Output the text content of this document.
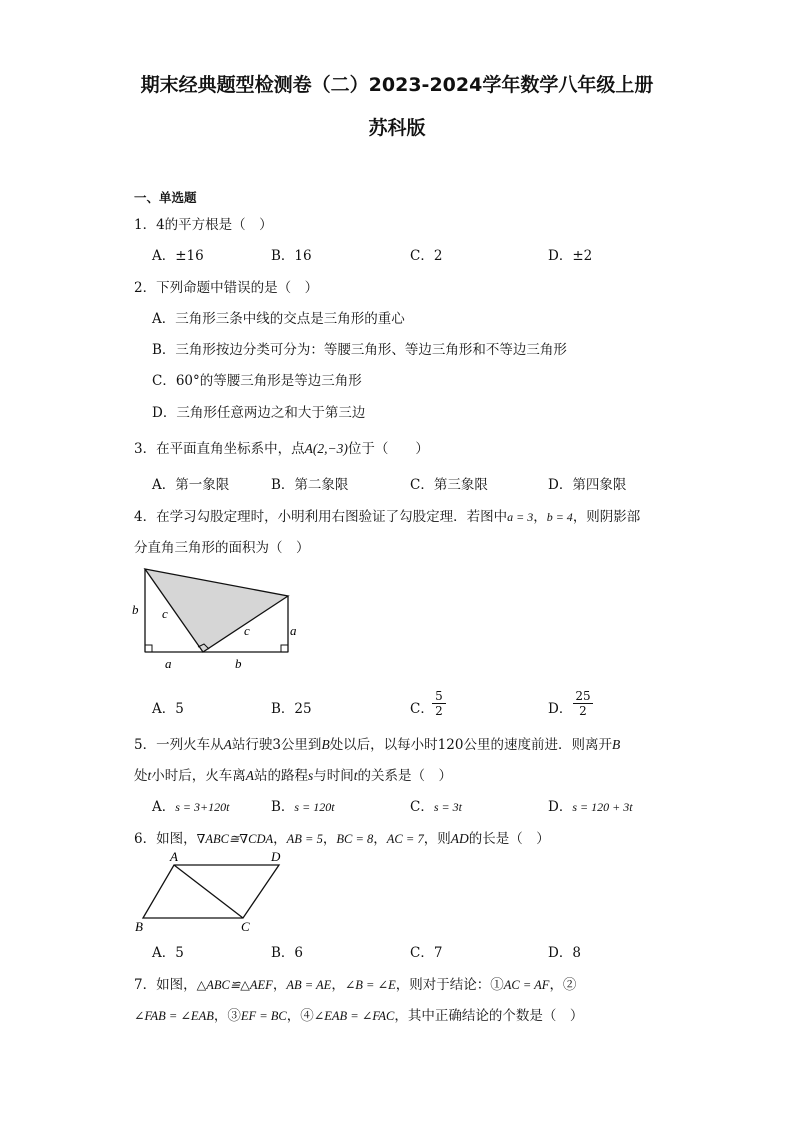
期末经典题型检测卷（二）2023-2024学年数学八年级上册
苏科版
一、单选题
1．4的平方根是（　）
A．±16	B．16	C．2	D．±2
2．下列命题中错误的是（　）
A．三角形三条中线的交点是三角形的重心
B．三角形按边分类可分为：等腰三角形、等边三角形和不等边三角形
C．60°的等腰三角形是等边三角形
D．三角形任意两边之和大于第三边
3．在平面直角坐标系中，点A(2,−3)位于（　　）
A．第一象限	B．第二象限	C．第三象限	D．第四象限
4．在学习勾股定理时，小明利用右图验证了勾股定理．若图中a = 3，b = 4，则阴影部
分直角三角形的面积为（　）
b c
c	a
a	b
A．5	B．25	C．
$\frac{5}{2}$	D． $\frac{25}{2}$
5．一列火车从A站行驶3公里到B处以后，以每小时120公里的速度前进．则离开B
处t小时后，火车离A站的路程s与时间t的关系是（　）
A．s = 3+120t	B．s = 120t	C．s = 3t	D．s = 120 + 3t
6．如图，∇ABC≅∇CDA，AB = 5，BC = 8，AC = 7，则AD的长是（　）
A	D
B	C
A．5	B．6	C．7	D．8
7．如图，△ABC≌△AEF，AB = AE，∠B = ∠E，则对于结论：①AC = AF，②
∠FAB = ∠EAB，③EF = BC，④∠EAB = ∠FAC，其中正确结论的个数是（　）
